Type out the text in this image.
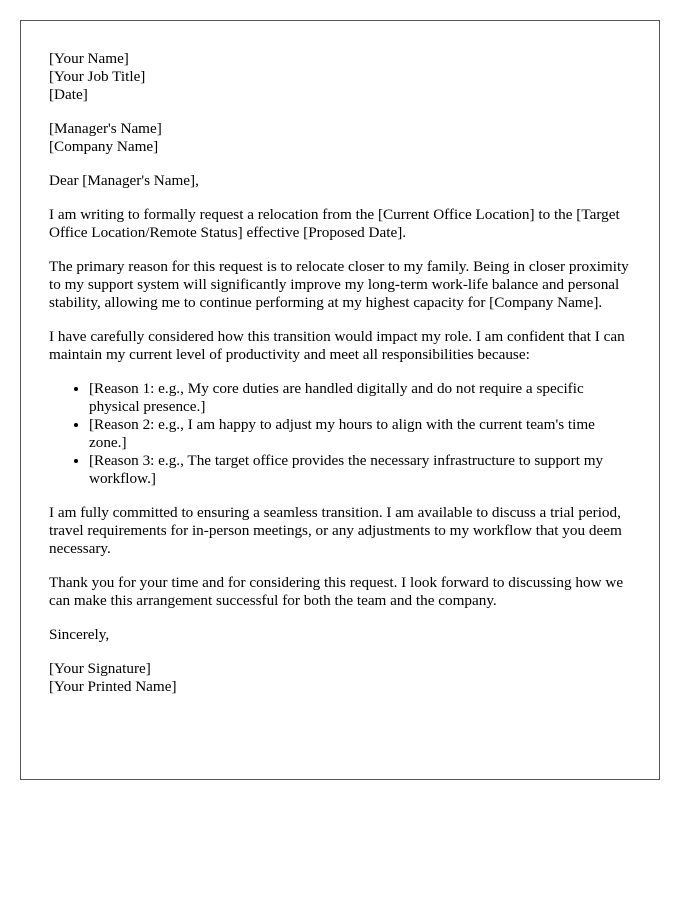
[Your Name]
[Your Job Title]
[Date]
[Manager's Name]
[Company Name]

Dear [Manager's Name],

I am writing to formally request a relocation from the [Current Office Location] to the [Target Office Location/Remote Status] effective [Proposed Date].

The primary reason for this request is to relocate closer to my family. Being in closer proximity to my support system will significantly improve my long-term work-life balance and personal stability, allowing me to continue performing at my highest capacity for [Company Name].

I have carefully considered how this transition would impact my role. I am confident that I can maintain my current level of productivity and meet all responsibilities because:

• [Reason 1: e.g., My core duties are handled digitally and do not require a specific physical presence.]
• [Reason 2: e.g., I am happy to adjust my hours to align with the current team's time zone.]
• [Reason 3: e.g., The target office provides the necessary infrastructure to support my workflow.]

I am fully committed to ensuring a seamless transition. I am available to discuss a trial period, travel requirements for in-person meetings, or any adjustments to my workflow that you deem necessary.

Thank you for your time and for considering this request. I look forward to discussing how we can make this arrangement successful for both the team and the company.

Sincerely,

[Your Signature]
[Your Printed Name]
